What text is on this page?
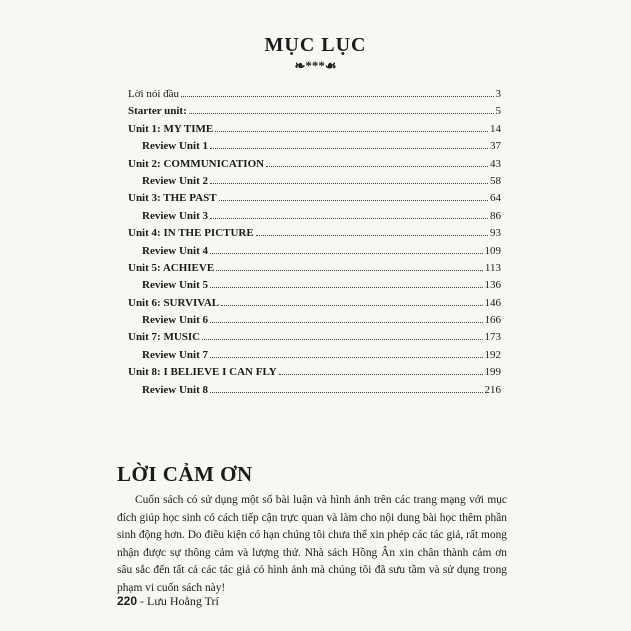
MỤC LỤC
❧***☙
Lời nói đầu	3
Starter unit:	5
Unit 1: MY TIME	14
Review Unit 1	37
Unit 2: COMMUNICATION	43
Review Unit 2	58
Unit 3: THE PAST	64
Review Unit 3	86
Unit 4: IN THE PICTURE	93
Review Unit 4	109
Unit 5: ACHIEVE	113
Review Unit 5	136
Unit 6: SURVIVAL	146
Review Unit 6	166
Unit 7: MUSIC	173
Review Unit 7	192
Unit 8: I BELIEVE I CAN FLY	199
Review Unit 8	216
LỜI CẢM ƠN

Cuốn sách có sử dụng một số bài luận và hình ảnh trên các trang mạng với mục đích giúp học sinh có cách tiếp cận trực quan và làm cho nội dung bài học thêm phần sinh động hơn. Do điều kiện có hạn chúng tôi chưa thể xin phép các tác giả, rất mong nhận được sự thông cảm và lượng thứ. Nhà sách Hồng Ân xin chân thành cảm ơn sâu sắc đến tất cả các tác giả có hình ảnh mà chúng tôi đã sưu tầm và sử dụng trong phạm vi cuốn sách này!

220 - Lưu Hoằng Trí
